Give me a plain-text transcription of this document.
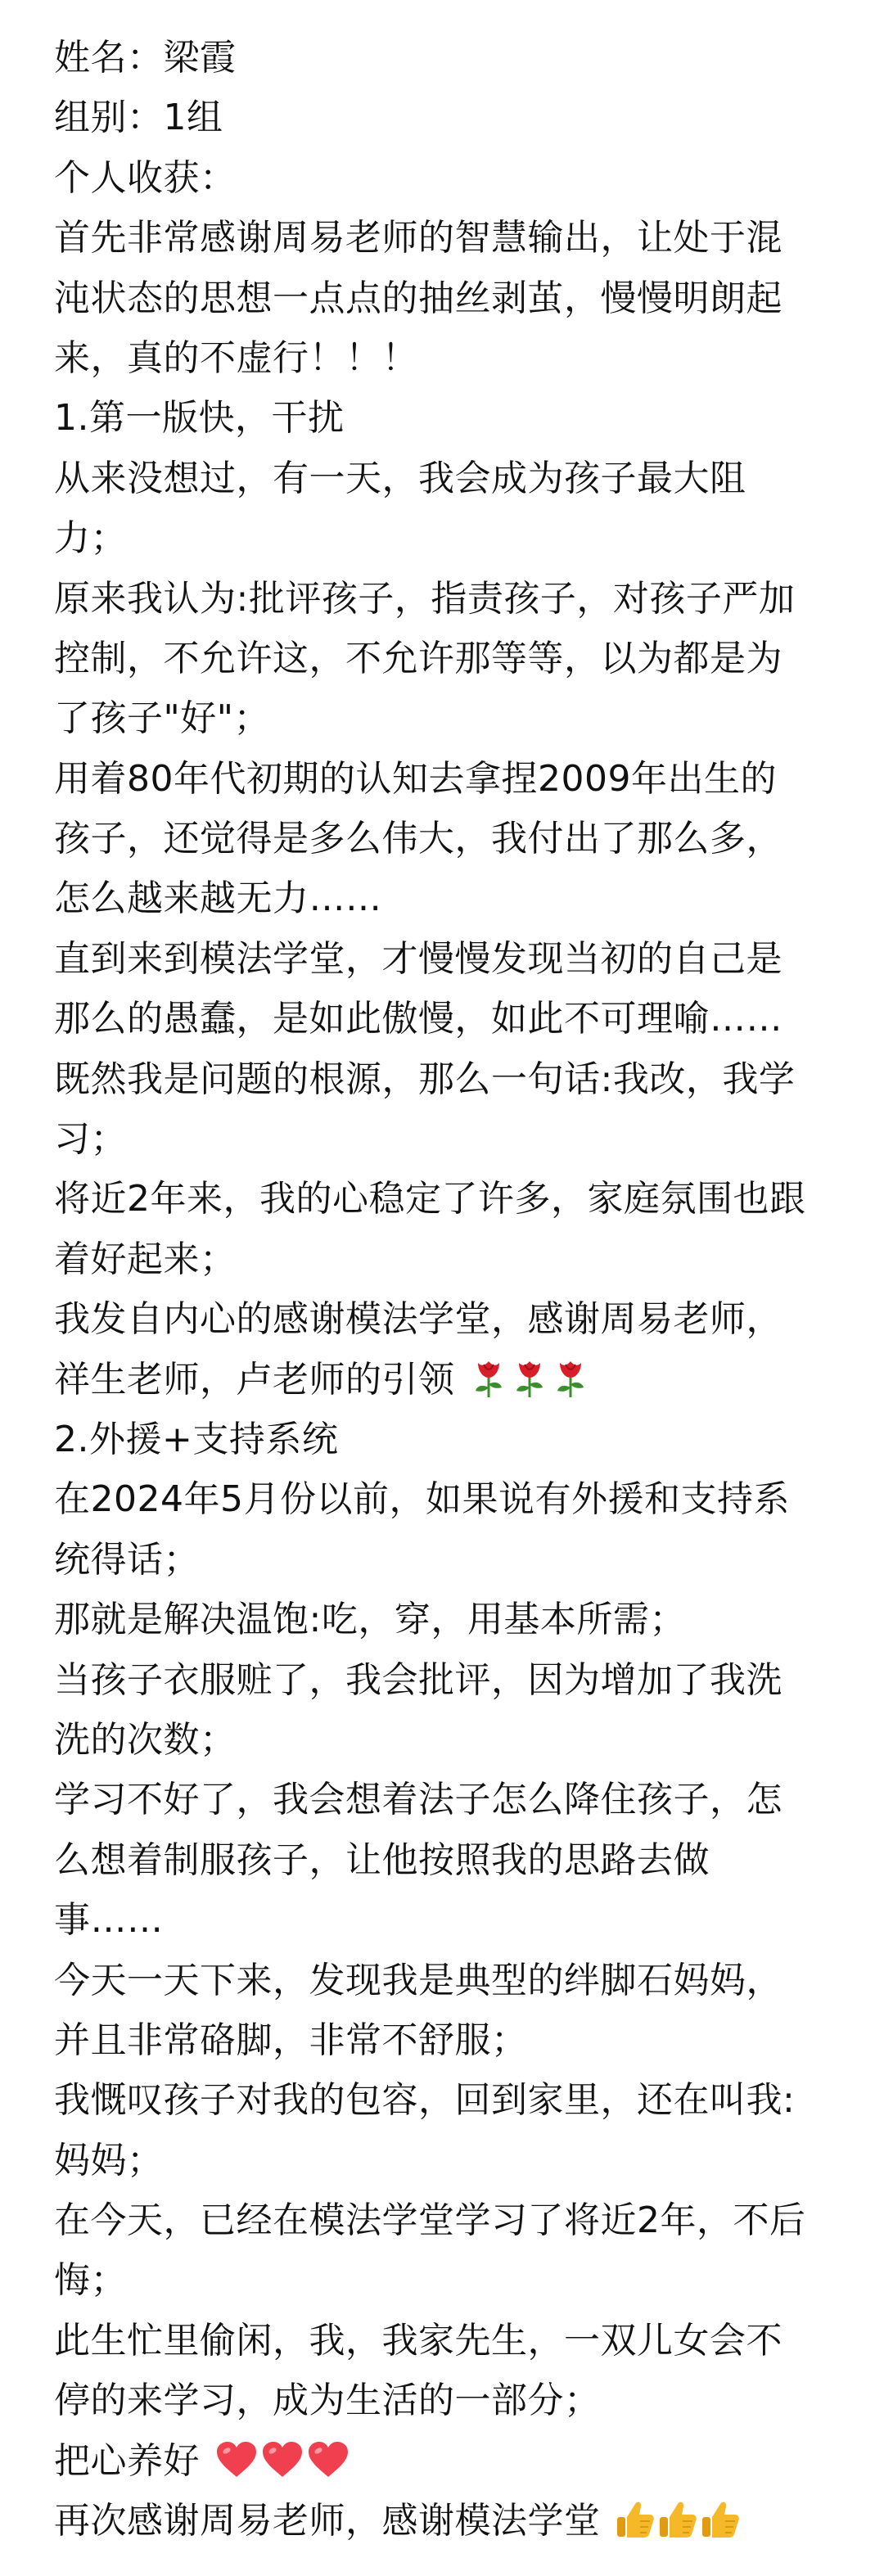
姓名：梁霞
组别：1组
个人收获：
首先非常感谢周易老师的智慧输出，让处于混
沌状态的思想一点点的抽丝剥茧，慢慢明朗起
来，真的不虚行！！！
1.第一版快，干扰
从来没想过，有一天，我会成为孩子最大阻
力；
原来我认为:批评孩子，指责孩子，对孩子严加
控制，不允许这，不允许那等等，以为都是为
了孩子"好"；
用着80年代初期的认知去拿捏2009年出生的
孩子，还觉得是多么伟大，我付出了那么多，
怎么越来越无力……
直到来到模法学堂，才慢慢发现当初的自己是
那么的愚蠢，是如此傲慢，如此不可理喻……
既然我是问题的根源，那么一句话:我改，我学
习；
将近2年来，我的心稳定了许多，家庭氛围也跟
着好起来；
我发自内心的感谢模法学堂，感谢周易老师，
祥生老师，卢老师的引领
2.外援+支持系统
在2024年5月份以前，如果说有外援和支持系
统得话；
那就是解决温饱:吃，穿，用基本所需；
当孩子衣服赃了，我会批评，因为增加了我洗
洗的次数；
学习不好了，我会想着法子怎么降住孩子，怎
么想着制服孩子，让他按照我的思路去做
事……
今天一天下来，发现我是典型的绊脚石妈妈，
并且非常硌脚，非常不舒服；
我慨叹孩子对我的包容，回到家里，还在叫我:
妈妈；
在今天，已经在模法学堂学习了将近2年，不后
悔；
此生忙里偷闲，我，我家先生，一双儿女会不
停的来学习，成为生活的一部分；
把心养好
再次感谢周易老师，感谢模法学堂
